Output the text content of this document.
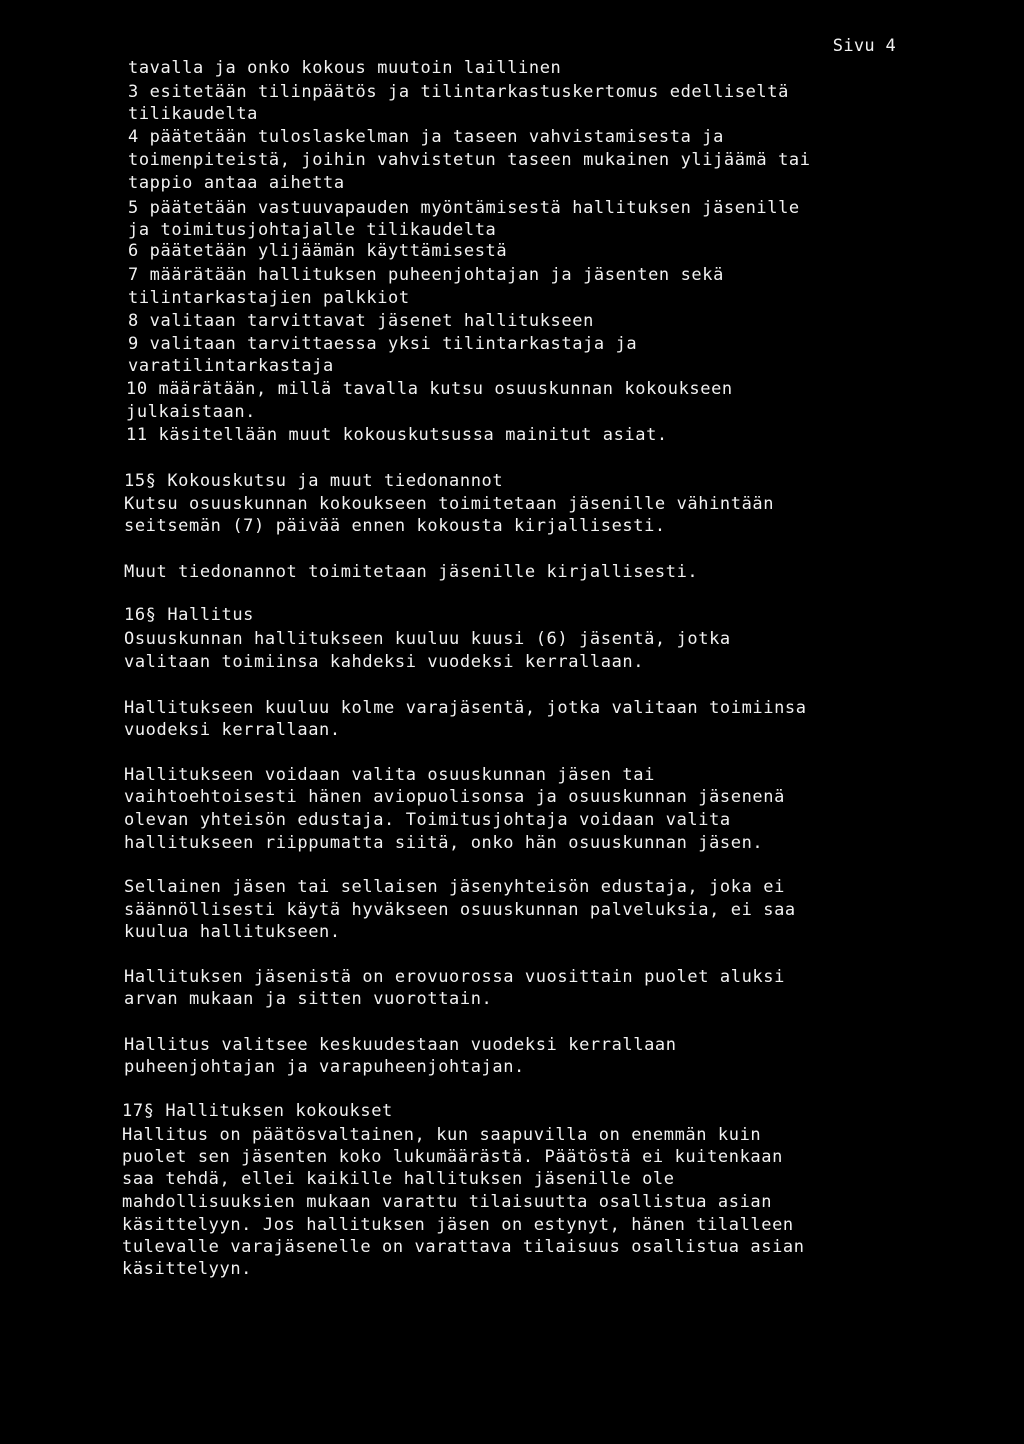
Sivu 4
tavalla ja onko kokous muutoin laillinen
3 esitetään tilinpäätös ja tilintarkastuskertomus edelliseltä
tilikaudelta
4 päätetään tuloslaskelman ja taseen vahvistamisesta ja
toimenpiteistä, joihin vahvistetun taseen mukainen ylijäämä tai
tappio antaa aihetta
5 päätetään vastuuvapauden myöntämisestä hallituksen jäsenille
ja toimitusjohtajalle tilikaudelta
6 päätetään ylijäämän käyttämisestä
7 määrätään hallituksen puheenjohtajan ja jäsenten sekä
tilintarkastajien palkkiot
8 valitaan tarvittavat jäsenet hallitukseen
9 valitaan tarvittaessa yksi tilintarkastaja ja
varatilintarkastaja
10 määrätään, millä tavalla kutsu osuuskunnan kokoukseen
julkaistaan.
11 käsitellään muut kokouskutsussa mainitut asiat.
15§ Kokouskutsu ja muut tiedonannot
Kutsu osuuskunnan kokoukseen toimitetaan jäsenille vähintään
seitsemän (7) päivää ennen kokousta kirjallisesti.
Muut tiedonannot toimitetaan jäsenille kirjallisesti.
16§ Hallitus
Osuuskunnan hallitukseen kuuluu kuusi (6) jäsentä, jotka
valitaan toimiinsa kahdeksi vuodeksi kerrallaan.
Hallitukseen kuuluu kolme varajäsentä, jotka valitaan toimiinsa
vuodeksi kerrallaan.
Hallitukseen voidaan valita osuuskunnan jäsen tai
vaihtoehtoisesti hänen aviopuolisonsa ja osuuskunnan jäsenenä
olevan yhteisön edustaja. Toimitusjohtaja voidaan valita
hallitukseen riippumatta siitä, onko hän osuuskunnan jäsen.
Sellainen jäsen tai sellaisen jäsenyhteisön edustaja, joka ei
säännöllisesti käytä hyväkseen osuuskunnan palveluksia, ei saa
kuulua hallitukseen.
Hallituksen jäsenistä on erovuorossa vuosittain puolet aluksi
arvan mukaan ja sitten vuorottain.
Hallitus valitsee keskuudestaan vuodeksi kerrallaan
puheenjohtajan ja varapuheenjohtajan.
17§ Hallituksen kokoukset
Hallitus on päätösvaltainen, kun saapuvilla on enemmän kuin
puolet sen jäsenten koko lukumäärästä. Päätöstä ei kuitenkaan
saa tehdä, ellei kaikille hallituksen jäsenille ole
mahdollisuuksien mukaan varattu tilaisuutta osallistua asian
käsittelyyn. Jos hallituksen jäsen on estynyt, hänen tilalleen
tulevalle varajäsenelle on varattava tilaisuus osallistua asian
käsittelyyn.
